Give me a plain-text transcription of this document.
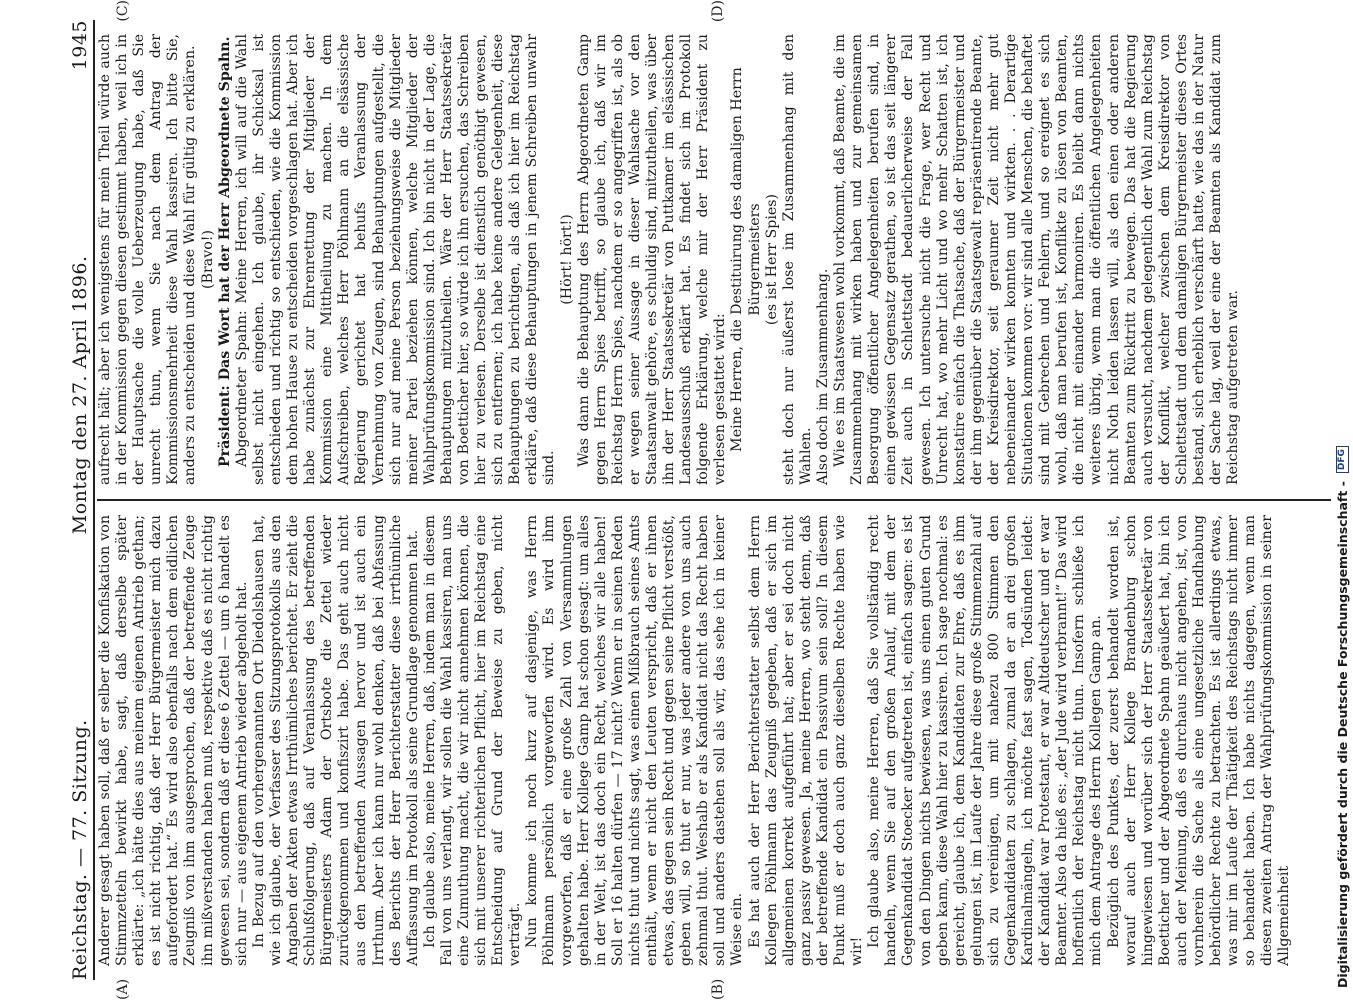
Reichstag. — 77. Sitzung.
Montag den 27. April 1896.
1945
(A)	(B)
(C)	(D)

Anderer gesagt haben soll, daß er selber die Konfiskation von Stimmzetteln bewirkt habe, sagt, daß derselbe später erklärte: „ich hätte dies aus meinem eigenen Antrieb gethan; es ist nicht richtig, daß der Herr Bürgermeister mich dazu aufgefordert hat.“ Es wird also ebenfalls nach dem eidlichen Zeugniß von ihm ausgesprochen, daß der betreffende Zeuge ihn mißverstanden haben muß, respektive daß es nicht richtig gewesen sei, sondern daß er diese 6 Zettel — um 6 handelt es sich nur — aus eigenem Antrieb wieder abgeholt hat. In Bezug auf den vorhergenannten Ort Diedolshausen hat, wie ich glaube, der Verfasser des Sitzungsprotokolls aus den Angaben der Akten etwas Irrthümliches berichtet. Er zieht die Schlußfolgerung, daß auf Veranlassung des betreffenden Bürgermeisters Adam der Ortsbote die Zettel wieder zurückgenommen und konfiszirt habe. Das geht auch nicht aus den betreffenden Aussagen hervor und ist auch ein Irrthum. Aber ich kann nur wohl denken, daß bei Abfassung des Berichts der Herr Berichterstatter diese irrthümliche Auffassung im Protokoll als seine Grundlage genommen hat. Ich glaube also, meine Herren, daß, indem man in diesem Fall von uns verlangt, wir sollen die Wahl kassiren, man uns eine Zumuthung macht, die wir nicht annehmen können, die sich mit unserer richterlichen Pflicht, hier im Reichstag eine Entscheidung auf Grund der Beweise zu geben, nicht verträgt. Nun komme ich noch kurz auf dasjenige, was Herrn Pöhlmann persönlich vorgeworfen wird. Es wird ihm vorgeworfen, daß er eine große Zahl von Versammlungen gehalten habe. Herr Kollege Gamp hat schon gesagt: um alles in der Welt, ist das doch ein Recht, welches wir alle haben! Soll er 16 halten dürfen — 17 nicht? Wenn er in seinen Reden nichts thut und nichts sagt, was einen Mißbrauch seines Amts enthält, wenn er nicht den Leuten verspricht, daß er ihnen etwas, das gegen sein Recht und gegen seine Pflicht verstößt, geben will, so thut er nur, was jeder andere von uns auch zehnmal thut. Weshalb er als Kandidat nicht das Recht haben soll und anders dastehen soll als wir, das sehe ich in keiner Weise ein. Es hat auch der Herr Berichterstatter selbst dem Herrn Kollegen Pöhlmann das Zeugniß gegeben, daß er sich im allgemeinen korrekt aufgeführt hat; aber er sei doch nicht ganz passiv gewesen. Ja, meine Herren, wo steht denn, daß der betreffende Kandidat ein Passivum sein soll? In diesem Punkt muß er doch auch ganz dieselben Rechte haben wie wir!

Ich glaube also, meine Herren, daß Sie vollständig recht handeln, wenn Sie auf den großen Anlauf, mit dem der Gegenkandidat Stoecker aufgetreten ist, einfach sagen: es ist von den Dingen nichts bewiesen, was uns einen guten Grund geben kann, diese Wahl hier zu kassiren. Ich sage nochmal: es gereicht, glaube ich, dem Kandidaten zur Ehre, daß es ihm gelungen ist, im Laufe der Jahre diese große Stimmenzahl auf sich zu vereinigen, um mit nahezu 800 Stimmen den Gegenkandidaten zu schlagen, zumal da er an drei großen Kardinalmängeln, ich möchte fast sagen, Todsünden leidet: der Kandidat war Protestant, er war Altdeutscher und er war Beamter. Also da hieß es: „der Jude wird verbrannt!“ Das wird hoffentlich der Reichstag nicht thun. Insofern schließe ich mich dem Antrage des Herrn Kollegen Gamp an. Bezüglich des Punktes, der zuerst behandelt worden ist, worauf auch der Herr Kollege Brandenburg schon hingewiesen und worüber sich der Herr Staatssekretär von Boetticher und der Abgeordnete Spahn geäußert hat, bin ich auch der Meinung, daß es durchaus nicht angehen, ist, von vornherein die Sache als eine ungesetzliche Handhabung behördlicher Rechte zu betrachten. Es ist allerdings etwas, was mir im Laufe der Thätigkeit des Reichstags nicht immer so behandelt haben. Ich habe nichts dagegen, wenn man diesen zweiten Antrag der Wahlprüfungskommission in seiner Allgemeinheit

aufrecht hält; aber ich wenigstens für mein Theil würde auch in der Kommission gegen diesen gestimmt haben, weil ich in der Hauptsache die volle Ueberzeugung habe, daß Sie unrecht thun, wenn Sie nach dem Antrag der Kommissionsmehrheit diese Wahl kassiren. Ich bitte Sie, anders zu entscheiden und diese Wahl für gültig zu erklären. (Bravo!) Präsident: Das Wort hat der Herr Abgeordnete Spahn. Abgeordneter Spahn: Meine Herren, ich will auf die Wahl selbst nicht eingehen. Ich glaube, ihr Schicksal ist entschieden und richtig so entschieden, wie die Kommission dem hohen Hause zu entscheiden vorgeschlagen hat. Aber ich habe zunächst zur Ehrenrettung der Mitglieder der Kommission eine Mittheilung zu machen. In dem Aufschreiben, welches Herr Pöhlmann an die elsässische Regierung gerichtet hat behufs Veranlassung der Vernehmung von Zeugen, sind Behauptungen aufgestellt, die sich nur auf meine Person beziehungsweise die Mitglieder meiner Partei beziehen können, welche Mitglieder der Wahlprüfungskommission sind. Ich bin nicht in der Lage, die Behauptungen mitzutheilen. Wäre der Herr Staatssekretär von Boetticher hier, so würde ich ihn ersuchen, das Schreiben hier zu verlesen. Derselbe ist dienstlich genöthigt gewesen, sich zu entfernen; ich habe keine andere Gelegenheit, diese Behauptungen zu berichtigen, als daß ich hier im Reichstag erkläre, daß diese Behauptungen in jenem Schreiben unwahr sind.

(Hört! hört!) Was dann die Behauptung des Herrn Abgeordneten Gamp gegen Herrn Spies betrifft, so glaube ich, daß wir im Reichstag Herrn Spies, nachdem er so angegriffen ist, als ob er wegen seiner Aussage in dieser Wahlsache vor den Staatsanwalt gehöre, es schuldig sind, mitzutheilen, was über ihn der Herr Staatssekretär von Puttkamer im elsässischen Landesausschuß erklärt hat. Es findet sich im Protokoll folgende Erklärung, welche mir der Herr Präsident zu verlesen gestattet wird: Meine Herren, die Destituirung des damaligen Herrn Bürgermeisters (es ist Herr Spies) steht doch nur äußerst lose im Zusammenhang mit den Wahlen. Also doch im Zusammenhang. Wie es im Staatswesen wohl vorkommt, daß Beamte, die im Zusammenhang mit wirken haben und zur gemeinsamen Besorgung öffentlicher Angelegenheiten berufen sind, in einen gewissen Gegensatz gerathen, so ist das seit längerer Zeit auch in Schlettstadt bedauerlicherweise der Fall gewesen. Ich untersuche nicht die Frage, wer Recht und Unrecht hat, wo mehr Licht und wo mehr Schatten ist, ich konstatire einfach die Thatsache, daß der Bürgermeister und der ihm gegenüber die Staatsgewalt repräsentirende Beamte, der Kreisdirektor, seit geraumer Zeit nicht mehr gut nebeneinander wirken konnten und wirkten. . . Derartige Situationen kommen vor: wir sind alle Menschen, die behaftet sind mit Gebrechen und Fehlern, und so ereignet es sich wohl, daß man berufen ist, Konflikte zu lösen von Beamten, die nicht mit einander harmoniren. Es bleibt dann nichts weiteres übrig, wenn man die öffentlichen Angelegenheiten nicht Noth leiden lassen will, als den einen oder anderen Beamten zum Rücktritt zu bewegen. Das hat die Regierung auch versucht, nachdem gelegentlich der Wahl zum Reichstag der Konflikt, welcher zwischen dem Kreisdirektor von Schlettstadt und dem damaligen Bürgermeister dieses Ortes bestand, sich erheblich verschärft hatte, wie das in der Natur der Sache lag, weil der eine der Beamten als Kandidat zum Reichstag aufgetreten war.

Digitalisierung gefördert durch die Deutsche Forschungsgemeinschaft -
DFG
